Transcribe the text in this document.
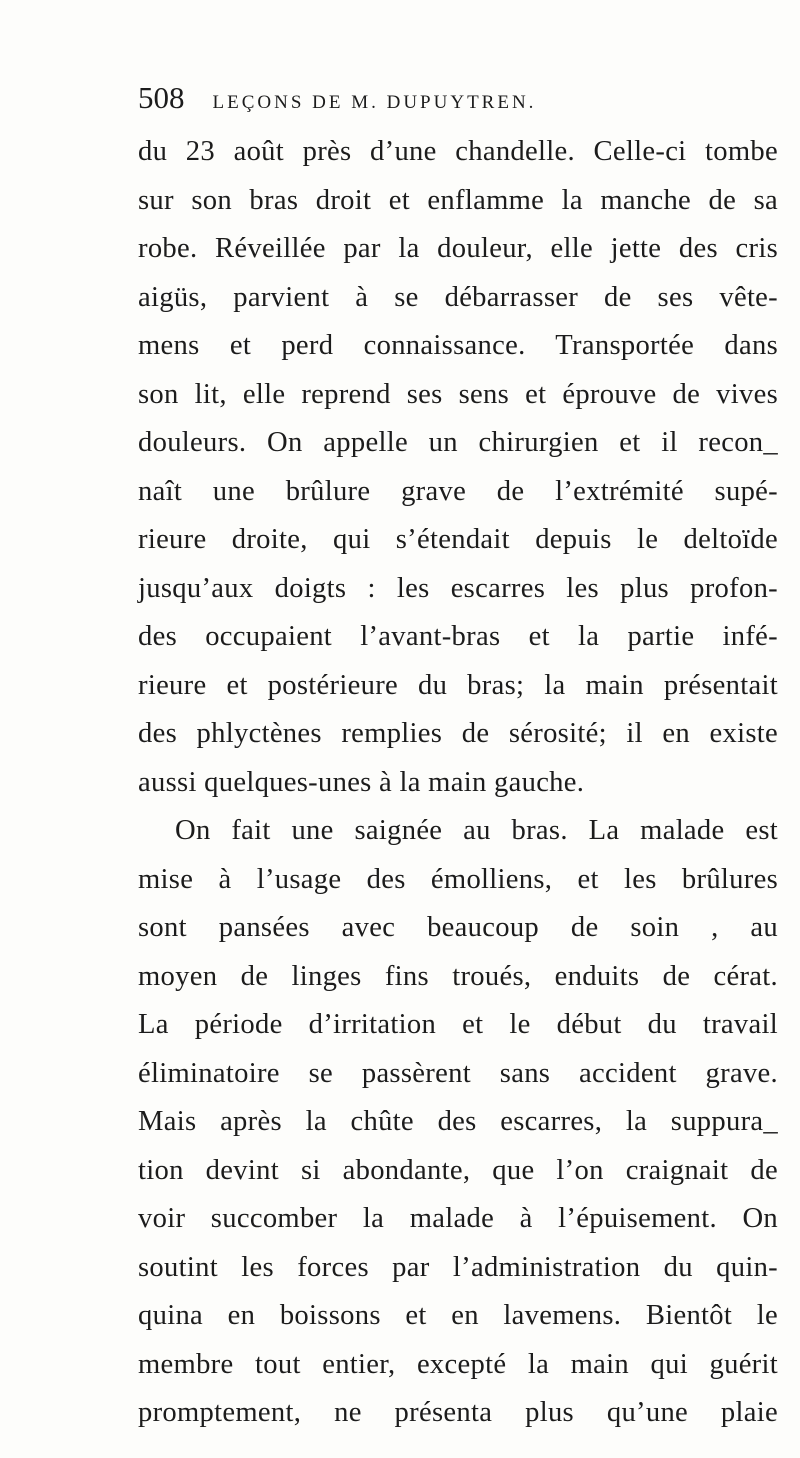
508 LEÇONS DE M. DUPUYTREN.
du 23 août près d’une chandelle. Celle-ci tombe
sur son bras droit et enflamme la manche de sa
robe. Réveillée par la douleur, elle jette des cris
aigüs, parvient à se débarrasser de ses vête-
mens et perd connaissance. Transportée dans
son lit, elle reprend ses sens et éprouve de vives
douleurs. On appelle un chirurgien et il recon_
naît une brûlure grave de l’extrémité supé-
rieure droite, qui s’étendait depuis le deltoïde
jusqu’aux doigts : les escarres les plus profon-
des occupaient l’avant-bras et la partie infé-
rieure et postérieure du bras; la main présentait
des phlyctènes remplies de sérosité; il en existe
aussi quelques-unes à la main gauche.
On fait une saignée au bras. La malade est
mise à l’usage des émolliens, et les brûlures
sont pansées avec beaucoup de soin , au
moyen de linges fins troués, enduits de cérat.
La période d’irritation et le début du travail
éliminatoire se passèrent sans accident grave.
Mais après la chûte des escarres, la suppura_
tion devint si abondante, que l’on craignait de
voir succomber la malade à l’épuisement. On
soutint les forces par l’administration du quin-
quina en boissons et en lavemens. Bientôt le
membre tout entier, excepté la main qui guérit
promptement, ne présenta plus qu’une plaie
